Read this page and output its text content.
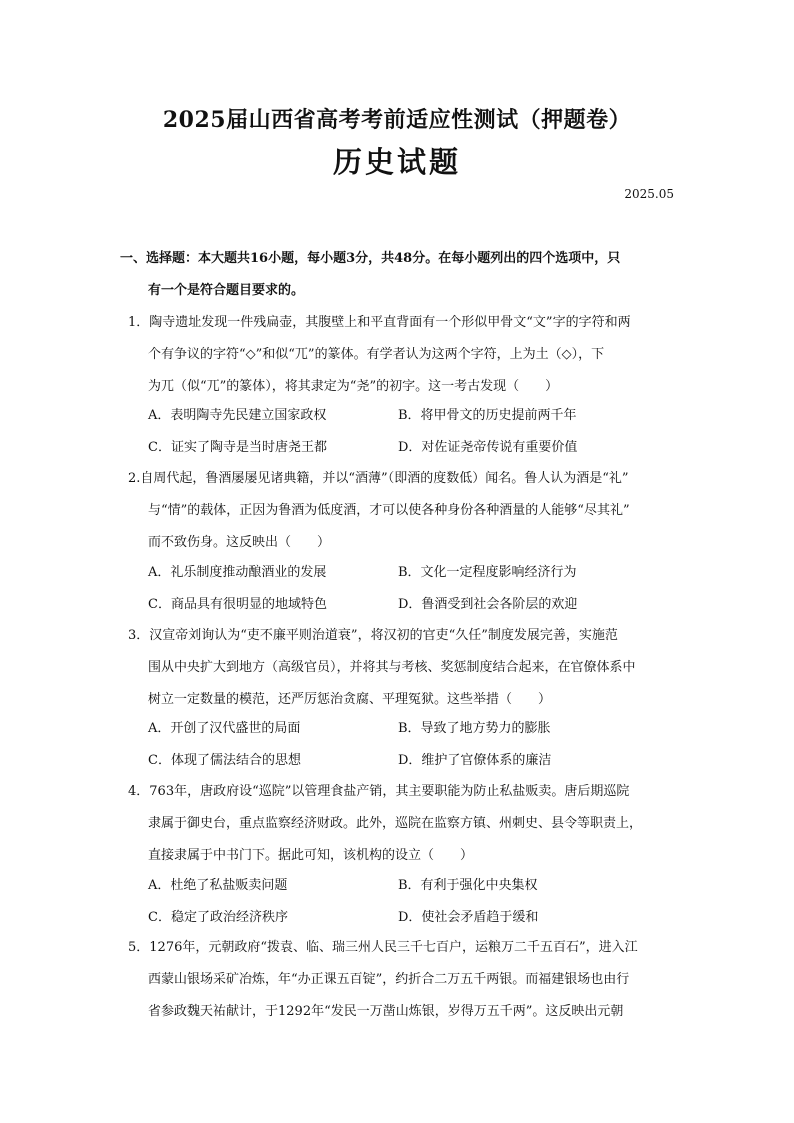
2025届山西省高考考前适应性测试（押题卷）
历史试题
2025.05
一、选择题：本大题共16小题，每小题3分，共48分。在每小题列出的四个选项中，只
有一个是符合题目要求的。
1．陶寺遗址发现一件残扁壶，其腹壁上和平直背面有一个形似甲骨文“文”字的字符和两
个有争议的字符“◇”和似“兀”的篆体。有学者认为这两个字符，上为土（◇），下
为兀（似“兀”的篆体），将其隶定为“尧”的初字。这一考古发现（　　）
A．表明陶寺先民建立国家政权	B．将甲骨文的历史提前两千年
C．证实了陶寺是当时唐尧王都	D．对佐证尧帝传说有重要价值
2.自周代起，鲁酒屡屡见诸典籍，并以“酒薄”（即酒的度数低）闻名。鲁人认为酒是“礼”
与“情”的载体，正因为鲁酒为低度酒，才可以使各种身份各种酒量的人能够“尽其礼”
而不致伤身。这反映出（　　）
A．礼乐制度推动酿酒业的发展	B．文化一定程度影响经济行为
C．商品具有很明显的地域特色	D．鲁酒受到社会各阶层的欢迎
3．汉宣帝刘询认为“吏不廉平则治道衰”，将汉初的官吏“久任”制度发展完善，实施范
围从中央扩大到地方（高级官员），并将其与考核、奖惩制度结合起来，在官僚体系中
树立一定数量的模范，还严厉惩治贪腐、平理冤狱。这些举措（　　）
A．开创了汉代盛世的局面	B．导致了地方势力的膨胀
C．体现了儒法结合的思想	D．维护了官僚体系的廉洁
4．763年，唐政府设“巡院”以管理食盐产销，其主要职能为防止私盐贩卖。唐后期巡院
隶属于御史台，重点监察经济财政。此外，巡院在监察方镇、州刺史、县令等职责上，
直接隶属于中书门下。据此可知，该机构的设立（　　）
A．杜绝了私盐贩卖问题	B．有利于强化中央集权
C．稳定了政治经济秩序	D．使社会矛盾趋于缓和
5．1276年，元朝政府“拨袁、临、瑞三州人民三千七百户，运粮万二千五百石”，进入江
西蒙山银场采矿冶炼，年“办正课五百锭”，约折合二万五千两银。而福建银场也由行
省参政魏天祐献计，于1292年“发民一万凿山炼银，岁得万五千两”。这反映出元朝
